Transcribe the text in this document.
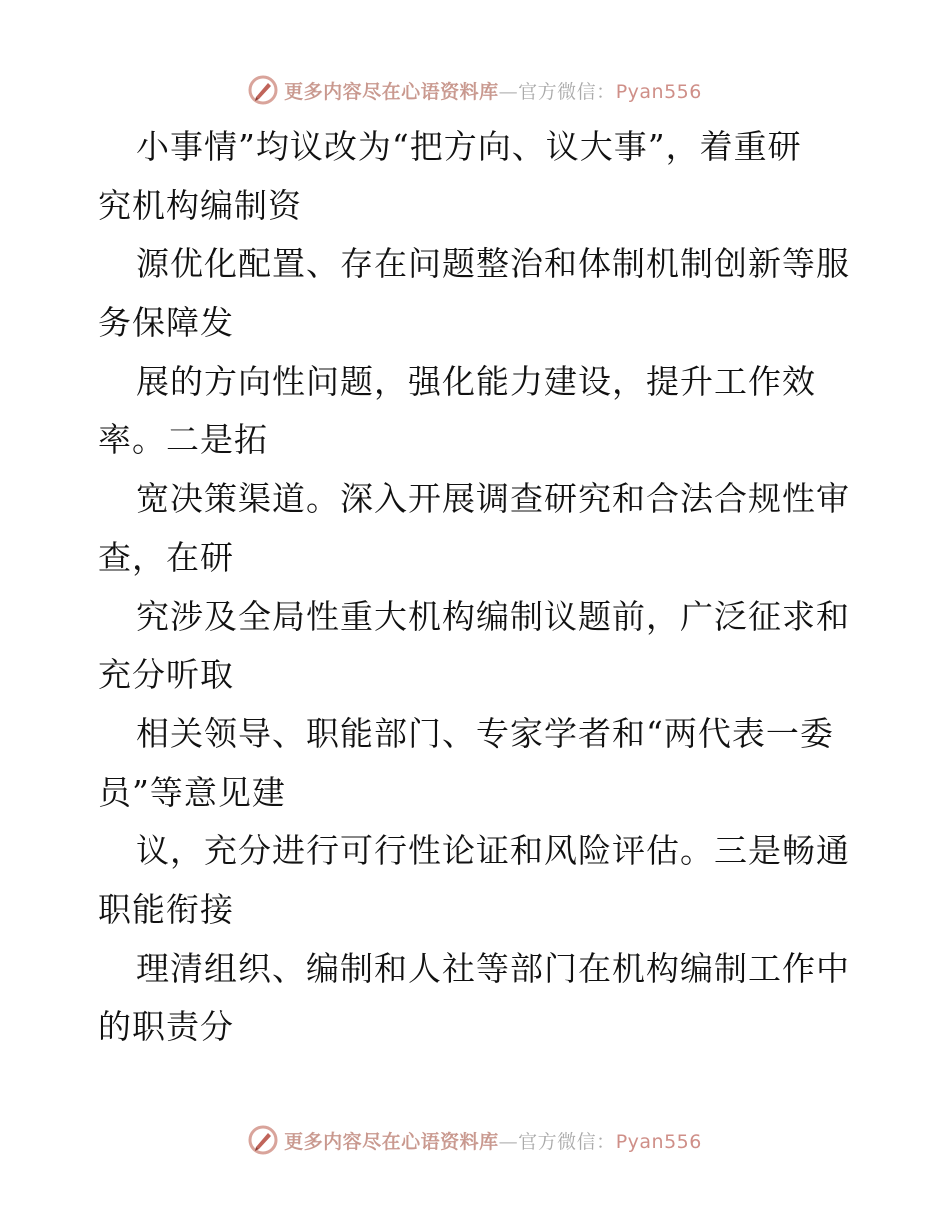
更多内容尽在心语资料库—官方微信：Pyan556
小事情”均议改为“把方向、议大事”，着重研
究机构编制资
源优化配置、存在问题整治和体制机制创新等服
务保障发
展的方向性问题，强化能力建设，提升工作效
率。二是拓
宽决策渠道。深入开展调查研究和合法合规性审
查，在研
究涉及全局性重大机构编制议题前，广泛征求和
充分听取
相关领导、职能部门、专家学者和“两代表一委
员”等意见建
议，充分进行可行性论证和风险评估。三是畅通
职能衔接
理清组织、编制和人社等部门在机构编制工作中
的职责分
更多内容尽在心语资料库—官方微信：Pyan556
